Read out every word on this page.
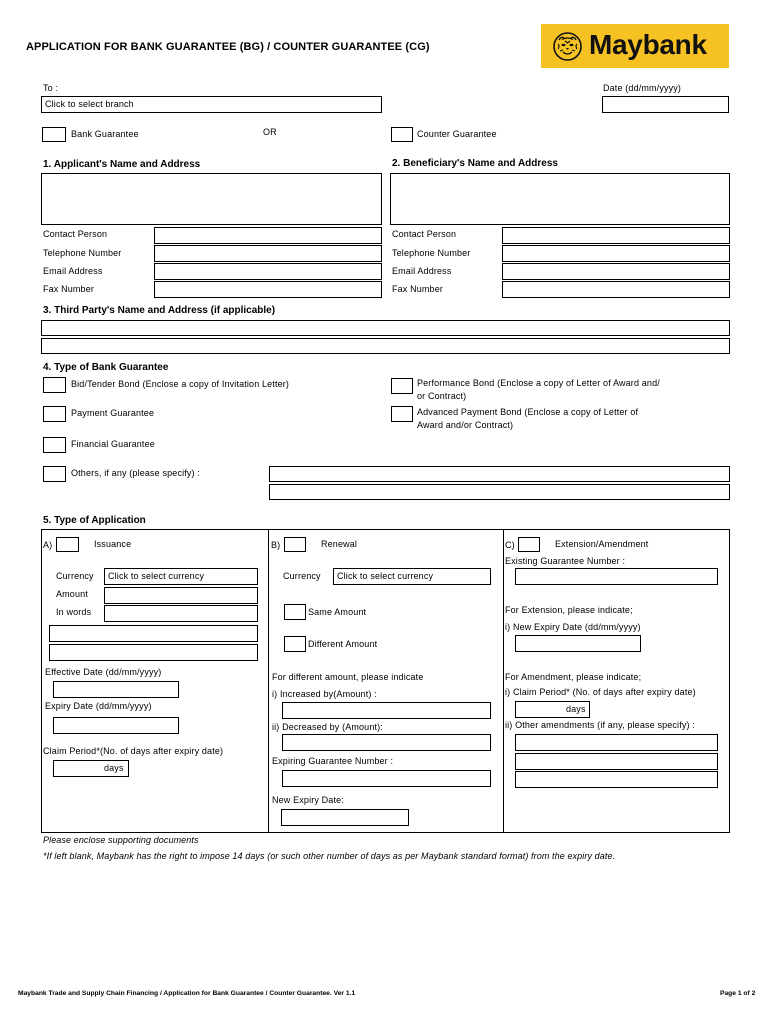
APPLICATION FOR BANK GUARANTEE (BG) / COUNTER GUARANTEE (CG)	Maybank
To :
Click to select branch
Date (dd/mm/yyyy)
Bank Guarantee	OR	Counter Guarantee
1. Applicant's Name and Address	2. Beneficiary's Name and Address
Contact Person
Telephone Number
Email Address
Fax Number
Contact Person
Telephone Number
Email Address
Fax Number
3. Third Party's Name and Address (if applicable)
4. Type of Bank Guarantee
Bid/Tender Bond (Enclose a copy of Invitation Letter)
Payment Guarantee
Financial Guarantee
Others, if any (please specify) :
Performance Bond (Enclose a copy of Letter of Award and/
or Contract)
Advanced Payment Bond (Enclose a copy of Letter of
Award and/or Contract)
5. Type of Application
A)	Issuance
Currency	Click to select currency
Amount
In words
Effective Date (dd/mm/yyyy)
Expiry Date (dd/mm/yyyy)
Claim Period*(No. of days after expiry date)
days
B)	Renewal
Currency	Click to select currency
Same Amount
Different Amount
For different amount, please indicate
i) Increased by(Amount) :
ii) Decreased by (Amount):
Expiring Guarantee Number :
New Expiry Date:
C)	Extension/Amendment
Existing Guarantee Number :
For Extension, please indicate;
i) New Expiry Date (dd/mm/yyyy)
For Amendment, please indicate;
i) Claim Period* (No. of days after expiry date)
days
ii) Other amendments (if any, please specify) :
Please enclose supporting documents
*If left blank, Maybank has the right to impose 14 days (or such other number of days as per Maybank standard format) from the expiry date.
Maybank Trade and Supply Chain Financing / Application for Bank Guarantee / Counter Guarantee. Ver 1.1	Page 1 of 2
